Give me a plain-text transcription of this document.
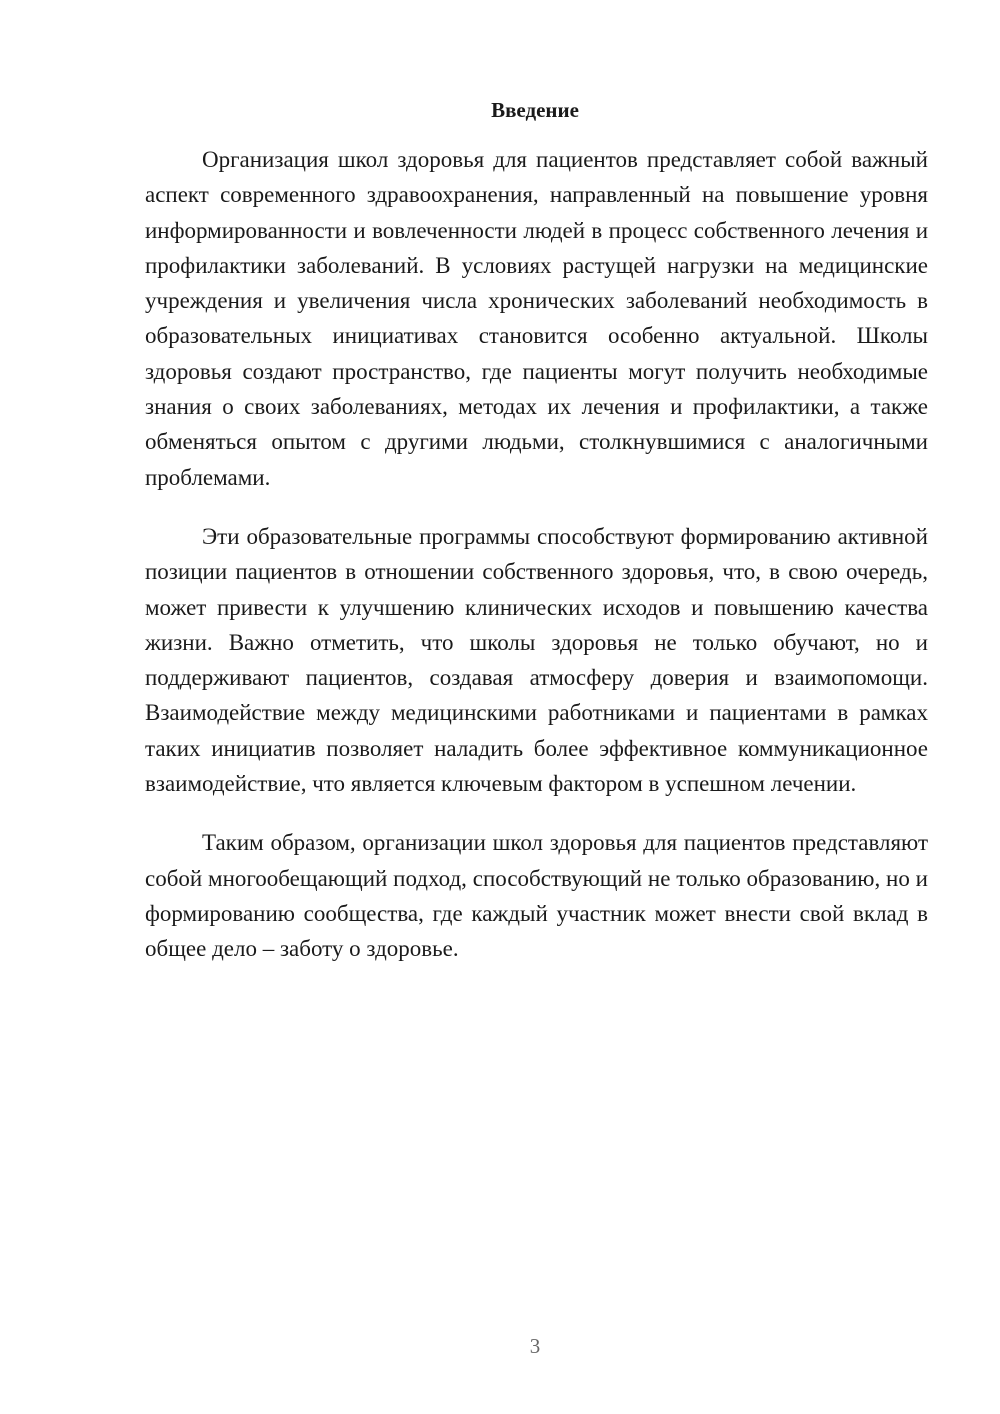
Введение

Организация школ здоровья для пациентов представляет собой важный аспект современного здравоохранения, направленный на повышение уровня информированности и вовлеченности людей в процесс собственного лечения и профилактики заболеваний. В условиях растущей нагрузки на медицинские учреждения и увеличения числа хронических заболеваний необходимость в образовательных инициативах становится особенно актуальной. Школы здоровья создают пространство, где пациенты могут получить необходимые знания о своих заболеваниях, методах их лечения и профилактики, а также обменяться опытом с другими людьми, столкнувшимися с аналогичными проблемами.

Эти образовательные программы способствуют формированию активной позиции пациентов в отношении собственного здоровья, что, в свою очередь, может привести к улучшению клинических исходов и повышению качества жизни. Важно отметить, что школы здоровья не только обучают, но и поддерживают пациентов, создавая атмосферу доверия и взаимопомощи. Взаимодействие между медицинскими работниками и пациентами в рамках таких инициатив позволяет наладить более эффективное коммуникационное взаимодействие, что является ключевым фактором в успешном лечении.

Таким образом, организации школ здоровья для пациентов представляют собой многообещающий подход, способствующий не только образованию, но и формированию сообщества, где каждый участник может внести свой вклад в общее дело – заботу о здоровье.

3
